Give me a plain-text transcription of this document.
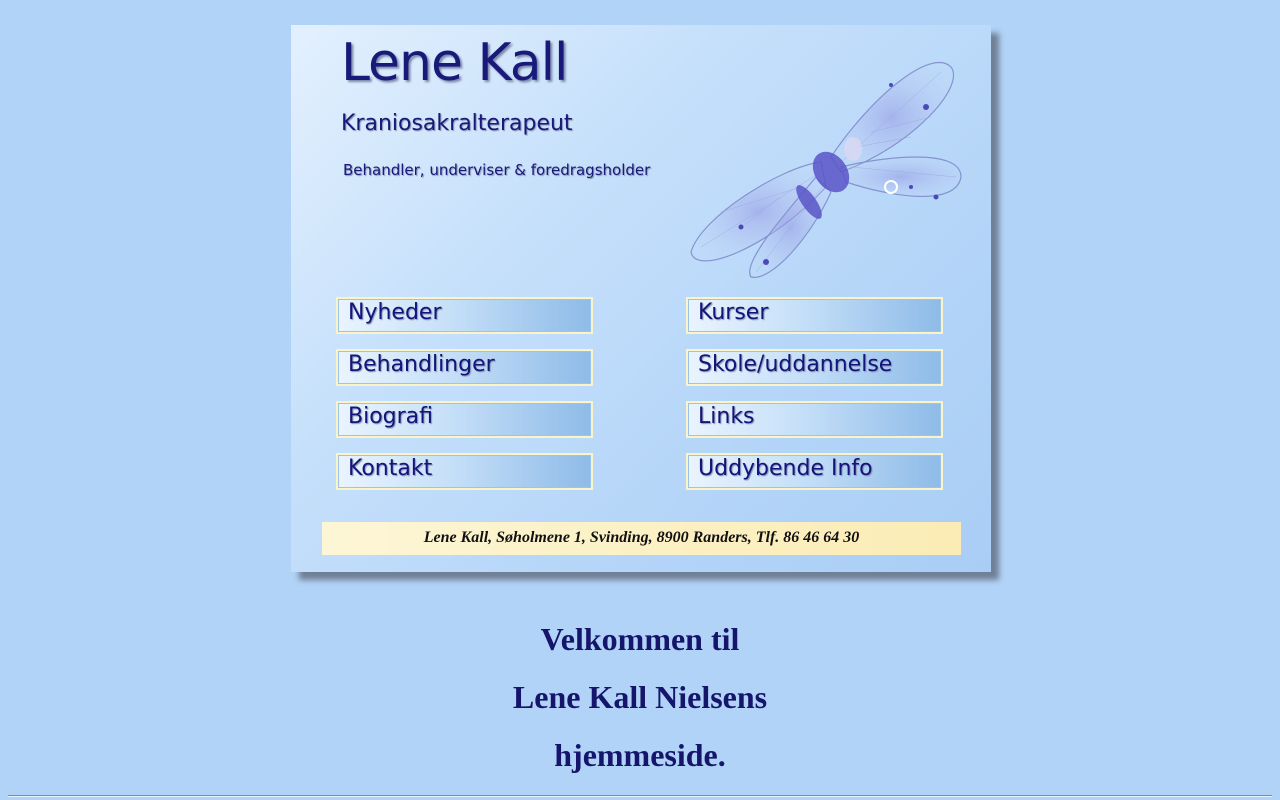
Lene Kall
Kraniosakralterapeut
Behandler, underviser & foredragsholder
Nyheder
Behandlinger
Biografi
Kontakt
Kurser
Skole/uddannelse
Links
Uddybende Info
Lene Kall, Søholmene 1, Svinding, 8900 Randers, Tlf. 86 46 64 30
Velkommen til
Lene Kall Nielsens
hjemmeside.
